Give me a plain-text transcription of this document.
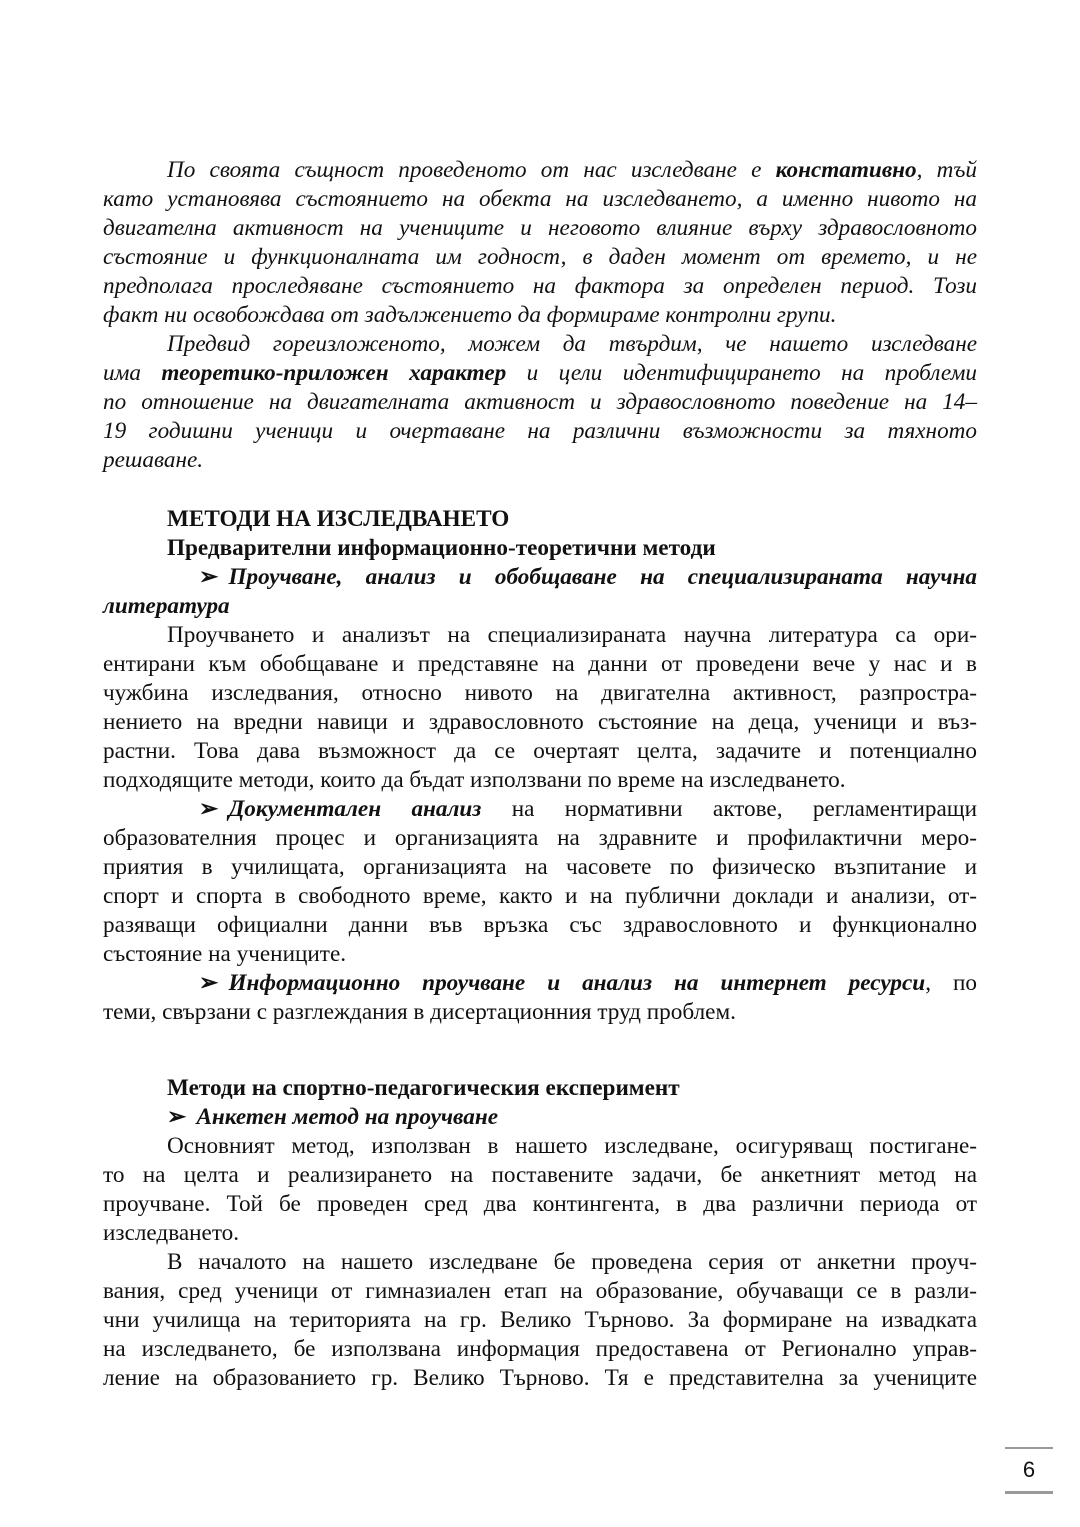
По своята същност проведеното от нас изследване е констативно, тъй
като установява състоянието на обекта на изследването, а именно нивото на
двигателна активност на учениците и неговото влияние върху здравословното
състояние и функционалната им годност, в даден момент от времето, и не
предполага проследяване състоянието на фактора за определен период. Този
факт ни освобождава от задължението да формираме контролни групи.
Предвид гореизложеното, можем да твърдим, че нашето изследване
има теоретико-приложен характер и цели идентифицирането на проблеми
по отношение на двигателната активност и здравословното поведение на 14–
19 годишни ученици и очертаване на различни възможности за тяхното
решаване.
МЕТОДИ НА ИЗСЛЕДВАНЕТО
Предварителни информационно-теоретични методи
➢ Проучване, анализ и обобщаване на специализираната научна
литература
Проучването и анализът на специализираната научна литература са ори-
ентирани към обобщаване и представяне на данни от проведени вече у нас и в
чужбина изследвания, относно нивото на двигателна активност, разпростра-
нението на вредни навици и здравословното състояние на деца, ученици и въз-
растни. Това дава възможност да се очертаят целта, задачите и потенциално
подходящите методи, които да бъдат използвани по време на изследването.
➢ Документален анализ на нормативни актове, регламентиращи
образователния процес и организацията на здравните и профилактични меро-
приятия в училищата, организацията на часовете по физическо възпитание и
спорт и спорта в свободното време, както и на публични доклади и анализи, от-
разяващи официални данни във връзка със здравословното и функционално
състояние на учениците.
➢ Информационно проучване и анализ на интернет ресурси, по
теми, свързани с разглеждания в дисертационния труд проблем.
Методи на спортно-педагогическия експеримент
➢ Анкетен метод на проучване
Основният метод, използван в нашето изследване, осигуряващ постигане-
то на целта и реализирането на поставените задачи, бе анкетният метод на
проучване. Той бе проведен сред два контингента, в два различни периода от
изследването.
В началото на нашето изследване бе проведена серия от анкетни проуч-
вания, сред ученици от гимназиален етап на образование, обучаващи се в разли-
чни училища на територията на гр. Велико Търново. За формиране на извадката
на изследването, бе използвана информация предоставена от Регионално управ-
ление на образованието гр. Велико Търново. Тя е представителна за учениците
6
